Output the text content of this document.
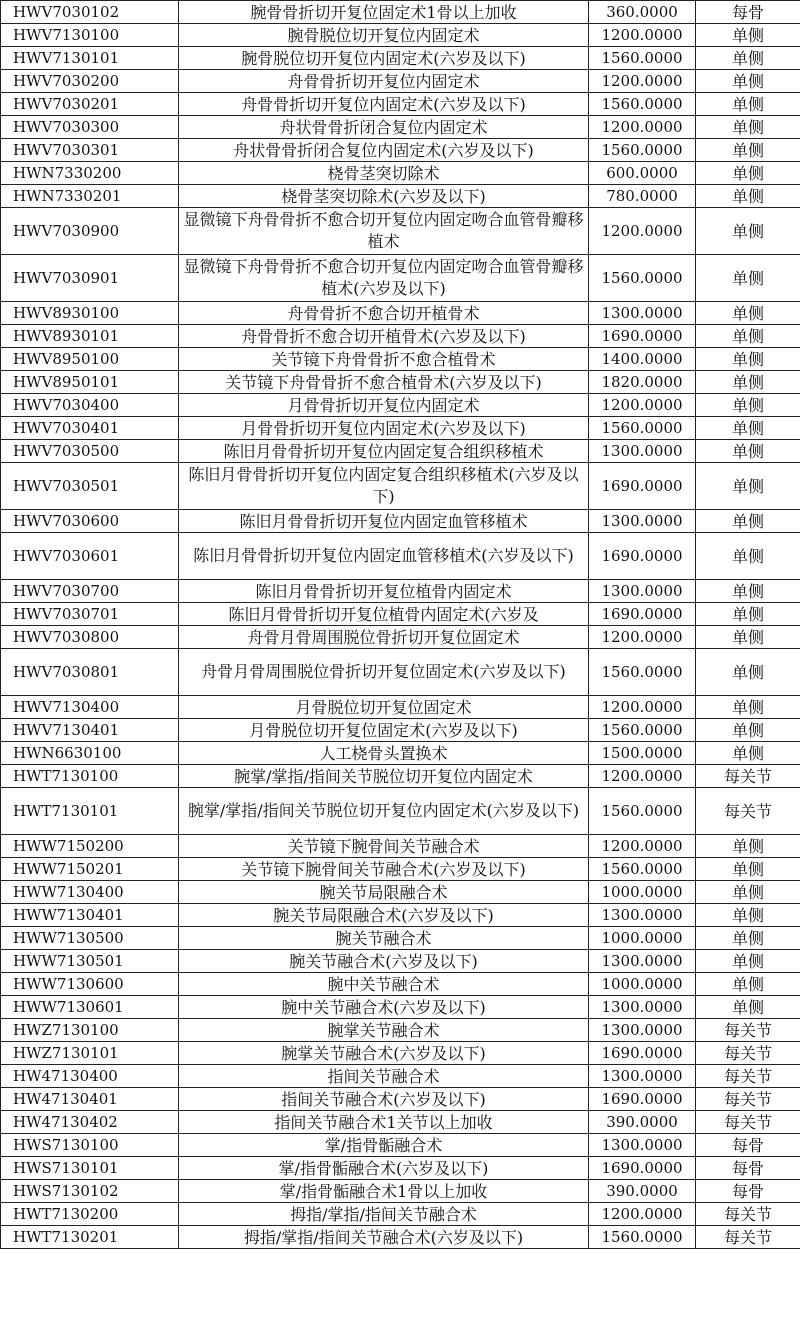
HWV7030102	腕骨骨折切开复位固定术1骨以上加收	360.0000	每骨
HWV7130100	腕骨脱位切开复位内固定术	1200.0000	单侧
HWV7130101	腕骨脱位切开复位内固定术(六岁及以下)	1560.0000	单侧
HWV7030200	舟骨骨折切开复位内固定术	1200.0000	单侧
HWV7030201	舟骨骨折切开复位内固定术(六岁及以下)	1560.0000	单侧
HWV7030300	舟状骨骨折闭合复位内固定术	1200.0000	单侧
HWV7030301	舟状骨骨折闭合复位内固定术(六岁及以下)	1560.0000	单侧
HWN7330200	桡骨茎突切除术	600.0000	单侧
HWN7330201	桡骨茎突切除术(六岁及以下)	780.0000	单侧
HWV7030900	显微镜下舟骨骨折不愈合切开复位内固定吻合血管骨瓣移植术	1200.0000	单侧
HWV7030901	显微镜下舟骨骨折不愈合切开复位内固定吻合血管骨瓣移植术(六岁及以下)	1560.0000	单侧
HWV8930100	舟骨骨折不愈合切开植骨术	1300.0000	单侧
HWV8930101	舟骨骨折不愈合切开植骨术(六岁及以下)	1690.0000	单侧
HWV8950100	关节镜下舟骨骨折不愈合植骨术	1400.0000	单侧
HWV8950101	关节镜下舟骨骨折不愈合植骨术(六岁及以下)	1820.0000	单侧
HWV7030400	月骨骨折切开复位内固定术	1200.0000	单侧
HWV7030401	月骨骨折切开复位内固定术(六岁及以下)	1560.0000	单侧
HWV7030500	陈旧月骨骨折切开复位内固定复合组织移植术	1300.0000	单侧
HWV7030501	陈旧月骨骨折切开复位内固定复合组织移植术(六岁及以下)	1690.0000	单侧
HWV7030600	陈旧月骨骨折切开复位内固定血管移植术	1300.0000	单侧
HWV7030601	陈旧月骨骨折切开复位内固定血管移植术(六岁及以下)	1690.0000	单侧
HWV7030700	陈旧月骨骨折切开复位植骨内固定术	1300.0000	单侧
HWV7030701	陈旧月骨骨折切开复位植骨内固定术(六岁及	1690.0000	单侧
HWV7030800	舟骨月骨周围脱位骨折切开复位固定术	1200.0000	单侧
HWV7030801	舟骨月骨周围脱位骨折切开复位固定术(六岁及以下)	1560.0000	单侧
HWV7130400	月骨脱位切开复位固定术	1200.0000	单侧
HWV7130401	月骨脱位切开复位固定术(六岁及以下)	1560.0000	单侧
HWN6630100	人工桡骨头置换术	1500.0000	单侧
HWT7130100	腕掌/掌指/指间关节脱位切开复位内固定术	1200.0000	每关节
HWT7130101	腕掌/掌指/指间关节脱位切开复位内固定术(六岁及以下)	1560.0000	每关节
HWW7150200	关节镜下腕骨间关节融合术	1200.0000	单侧
HWW7150201	关节镜下腕骨间关节融合术(六岁及以下)	1560.0000	单侧
HWW7130400	腕关节局限融合术	1000.0000	单侧
HWW7130401	腕关节局限融合术(六岁及以下)	1300.0000	单侧
HWW7130500	腕关节融合术	1000.0000	单侧
HWW7130501	腕关节融合术(六岁及以下)	1300.0000	单侧
HWW7130600	腕中关节融合术	1000.0000	单侧
HWW7130601	腕中关节融合术(六岁及以下)	1300.0000	单侧
HWZ7130100	腕掌关节融合术	1300.0000	每关节
HWZ7130101	腕掌关节融合术(六岁及以下)	1690.0000	每关节
HW47130400	指间关节融合术	1300.0000	每关节
HW47130401	指间关节融合术(六岁及以下)	1690.0000	每关节
HW47130402	指间关节融合术1关节以上加收	390.0000	每关节
HWS7130100	掌/指骨骺融合术	1300.0000	每骨
HWS7130101	掌/指骨骺融合术(六岁及以下)	1690.0000	每骨
HWS7130102	掌/指骨骺融合术1骨以上加收	390.0000	每骨
HWT7130200	拇指/掌指/指间关节融合术	1200.0000	每关节
HWT7130201	拇指/掌指/指间关节融合术(六岁及以下)	1560.0000	每关节
